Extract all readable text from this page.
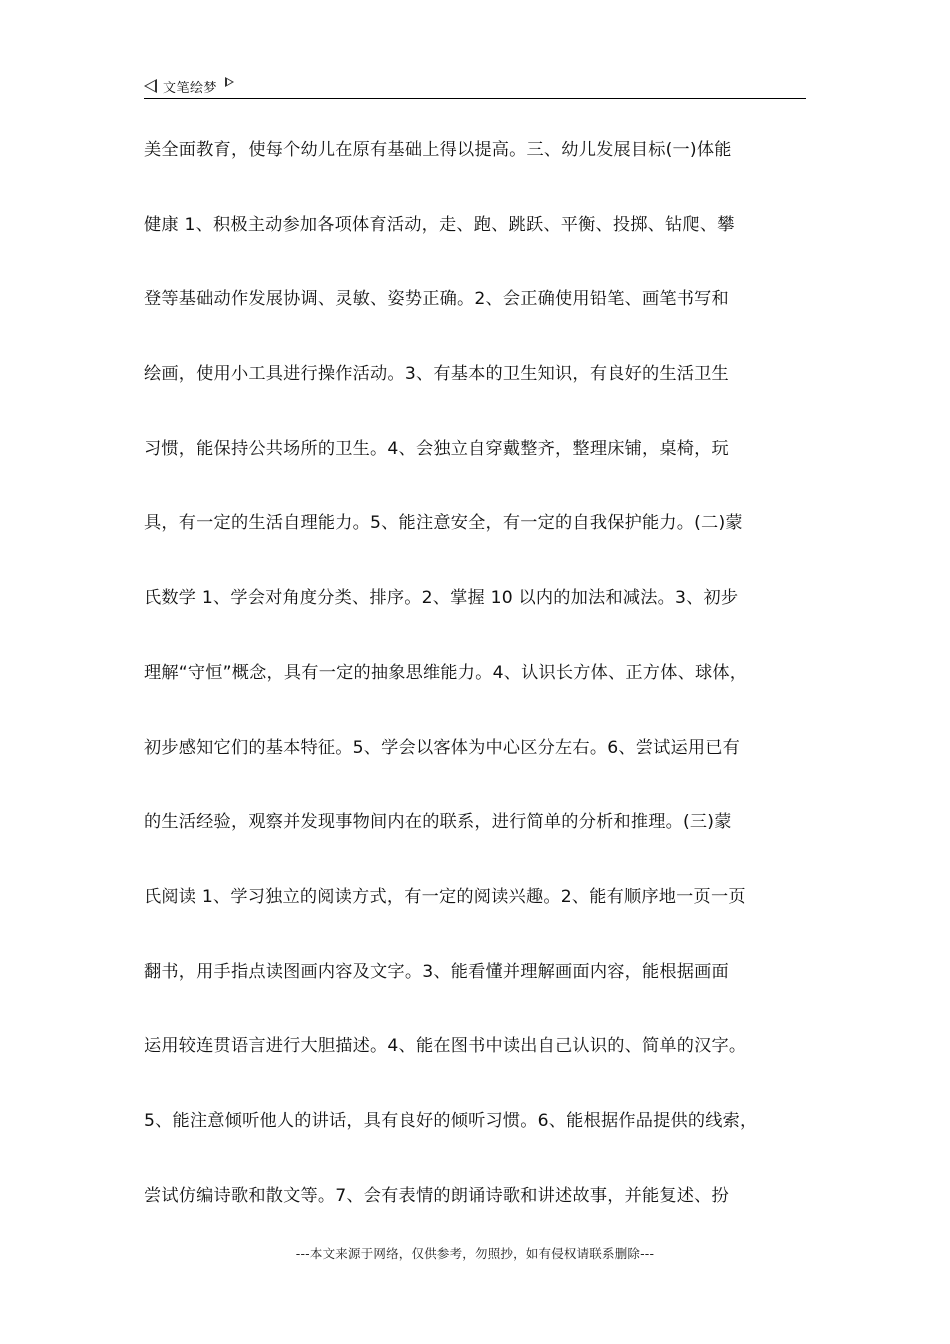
文笔绘梦
美全面教育，使每个幼儿在原有基础上得以提高。三、幼儿发展目标(一)体能
健康 1、积极主动参加各项体育活动，走、跑、跳跃、平衡、投掷、钻爬、攀
登等基础动作发展协调、灵敏、姿势正确。2、会正确使用铅笔、画笔书写和
绘画，使用小工具进行操作活动。3、有基本的卫生知识，有良好的生活卫生
习惯，能保持公共场所的卫生。4、会独立自穿戴整齐，整理床铺，桌椅，玩
具，有一定的生活自理能力。5、能注意安全，有一定的自我保护能力。(二)蒙
氏数学 1、学会对角度分类、排序。2、掌握 10 以内的加法和减法。3、初步
理解“守恒”概念，具有一定的抽象思维能力。4、认识长方体、正方体、球体，
初步感知它们的基本特征。5、学会以客体为中心区分左右。6、尝试运用已有
的生活经验，观察并发现事物间内在的联系，进行简单的分析和推理。(三)蒙
氏阅读 1、学习独立的阅读方式，有一定的阅读兴趣。2、能有顺序地一页一页
翻书，用手指点读图画内容及文字。3、能看懂并理解画面内容，能根据画面
运用较连贯语言进行大胆描述。4、能在图书中读出自己认识的、简单的汉字。
5、能注意倾听他人的讲话，具有良好的倾听习惯。6、能根据作品提供的线索，
尝试仿编诗歌和散文等。7、会有表情的朗诵诗歌和讲述故事，并能复述、扮
---本文来源于网络，仅供参考，勿照抄，如有侵权请联系删除---
